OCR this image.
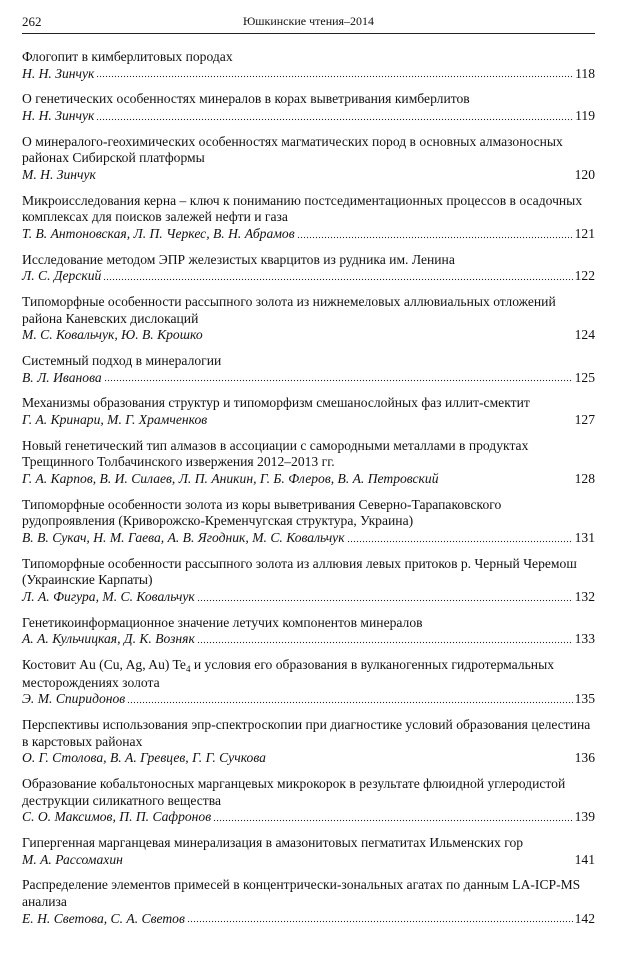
262	Юшкинские чтения–2014
Флогопит в кимберлитовых породах
Н. Н. Зинчук	118
О генетических особенностях минералов в корах выветривания кимберлитов
Н. Н. Зинчук	119
О минералого-геохимических особенностях магматических пород в основных алмазоносных районах Сибирской платформы
М. Н. Зинчук	120
Микроисследования керна – ключ к пониманию постседиментационных процессов в осадочных комплексах для поисков залежей нефти и газа
Т. В. Антоновская, Л. П. Черкес, В. Н. Абрамов	121
Исследование методом ЭПР железистых кварцитов из рудника им. Ленина
Л. С. Дерский	122
Типоморфные особенности рассыпного золота из нижнемеловых аллювиальных отложений района Каневских дислокаций
М. С. Ковальчук, Ю. В. Крошко	124
Системный подход в минералогии
В. Л. Иванова	125
Механизмы образования структур и типоморфизм смешанослойных фаз иллит-смектит
Г. А. Кринари, М. Г. Храмченков	127
Новый генетический тип алмазов в ассоциации с самородными металлами в продуктах Трещинного Толбачинского извержения 2012–2013 гг.
Г. А. Карпов, В. И. Силаев, Л. П. Аникин, Г. Б. Флеров, В. А. Петровский	128
Типоморфные особенности золота из коры выветривания Северно-Тарапаковского рудопроявления (Криворожско-Кременчугская структура, Украина)
В. В. Сукач, Н. М. Гаева, А. В. Ягодник, М. С. Ковальчук	131
Типоморфные особенности рассыпного золота из аллювия левых притоков р. Черный Черемош (Украинские Карпаты)
Л. А. Фигура, М. С. Ковальчук	132
Генетикоинформационное значение летучих компонентов минералов
А. А. Кульчицкая, Д. К. Возняк	133
Костовит Au (Cu, Ag, Au) $Te_4$ и условия его образования в вулканогенных гидротермальных месторождениях золота
Э. М. Спиридонов	135
Перспективы использования эпр-спектроскопии при диагностике условий образования целестина в карстовых районах
О. Г. Столова, В. А. Гревцев, Г. Г. Сучкова	136
Образование кобальтоносных марганцевых микрокорок в результате флюидной углеродистой деструкции силикатного вещества
С. О. Максимов, П. П. Сафронов	139
Гипергенная марганцевая минерализация в амазонитовых пегматитах Ильменских гор
М. А. Рассомахин	141
Распределение элементов примесей в концентрически-зональных агатах по данным LA-ICP-MS анализа
Е. Н. Светова, С. А. Светов	142
